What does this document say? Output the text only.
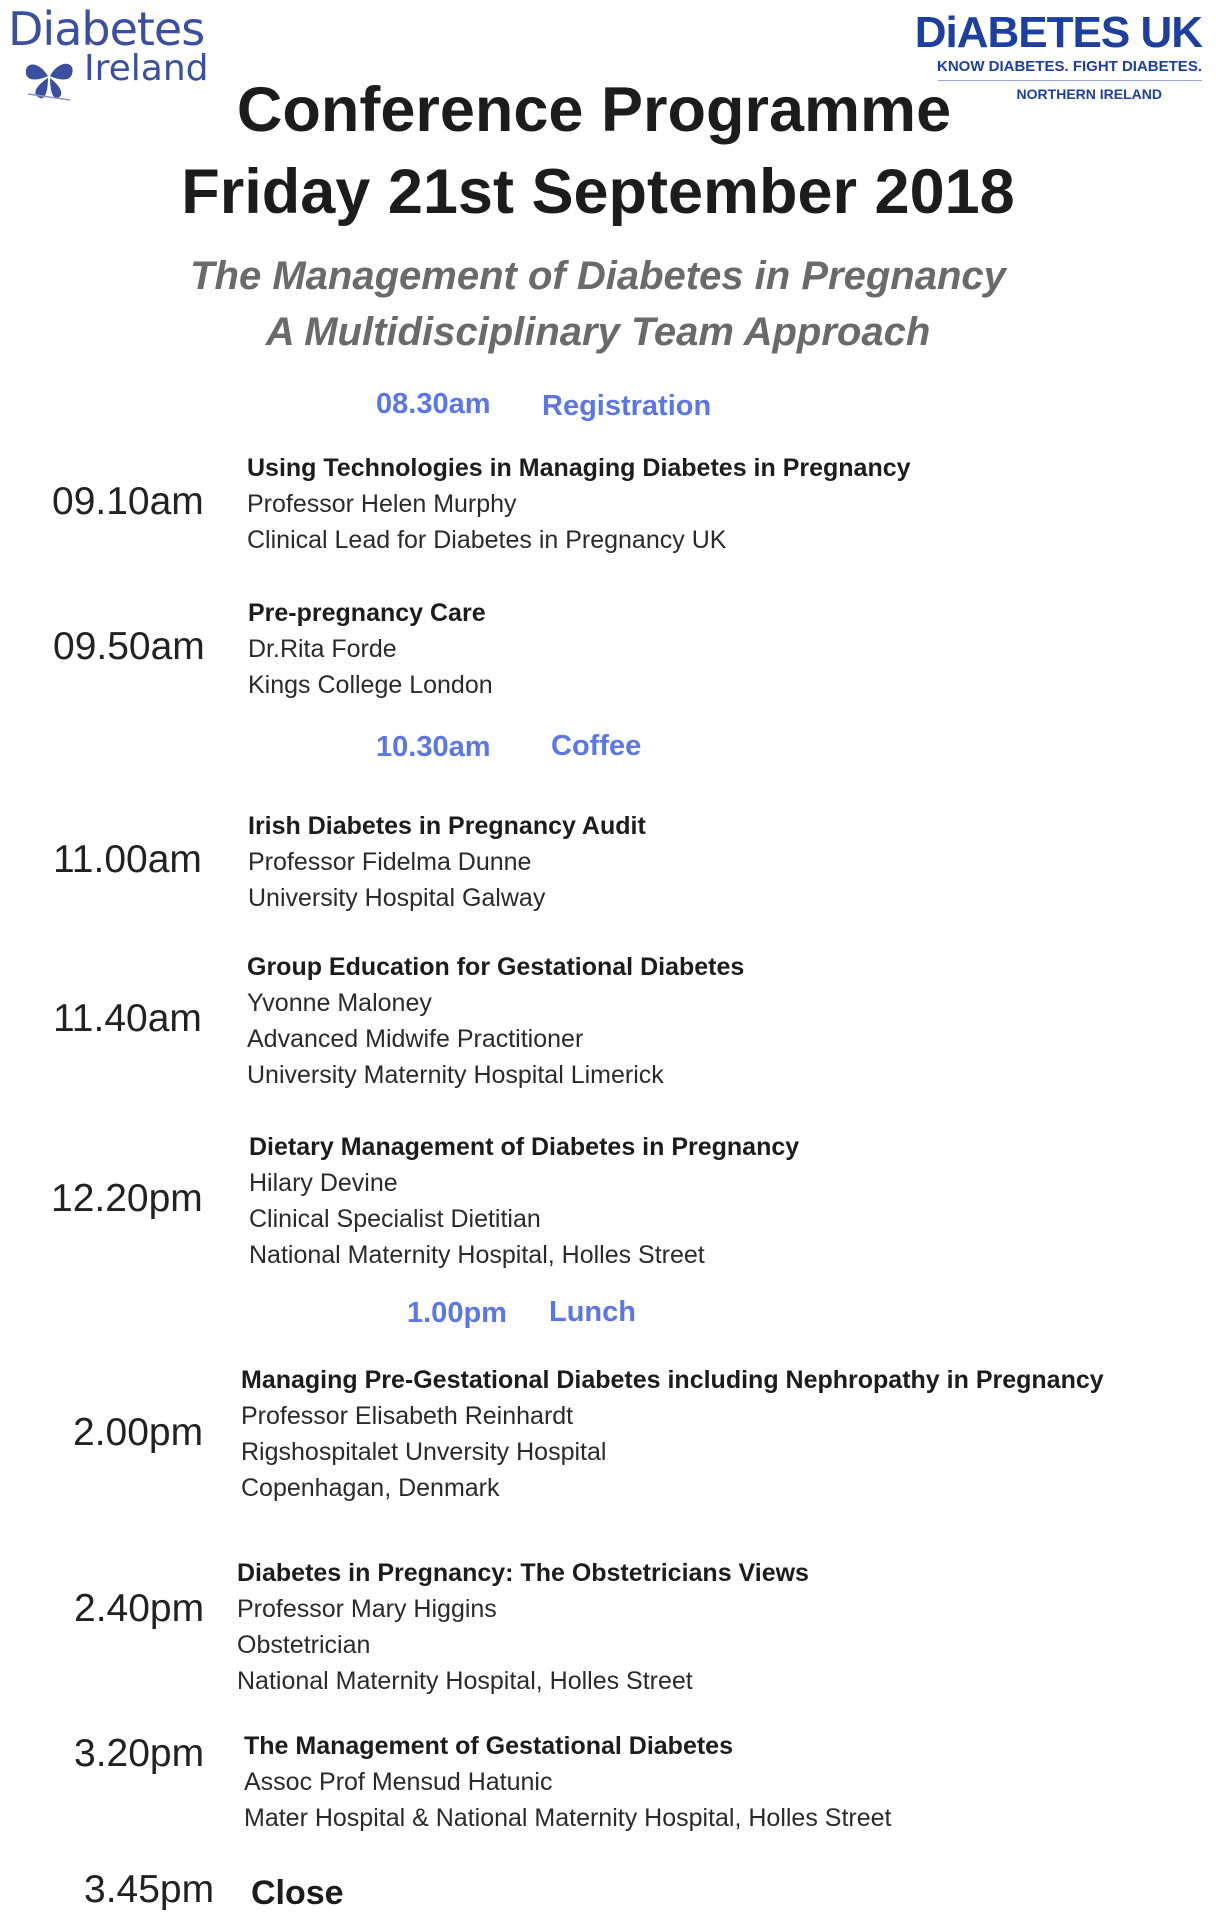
Diabetes
Ireland
DiABETES UK
KNOW DIABETES. FIGHT DIABETES.
NORTHERN IRELAND
Conference Programme
Friday 21st September 2018
The Management of Diabetes in Pregnancy
A Multidisciplinary Team Approach
08.30am Registration
10.30am Coffee
1.00pm Lunch
09.10am
Using Technologies in Managing Diabetes in Pregnancy
Professor Helen Murphy
Clinical Lead for Diabetes in Pregnancy UK
09.50am
Pre-pregnancy Care
Dr.Rita Forde
Kings College London
11.00am
Irish Diabetes in Pregnancy Audit
Professor Fidelma Dunne
University Hospital Galway
11.40am
Group Education for Gestational Diabetes
Yvonne Maloney
Advanced Midwife Practitioner
University Maternity Hospital Limerick
12.20pm
Dietary Management of Diabetes in Pregnancy
Hilary Devine
Clinical Specialist Dietitian
National Maternity Hospital, Holles Street
2.00pm
Managing Pre-Gestational Diabetes including Nephropathy in Pregnancy
Professor Elisabeth Reinhardt
Rigshospitalet Unversity Hospital
Copenhagan, Denmark
2.40pm
Diabetes in Pregnancy: The Obstetricians Views
Professor Mary Higgins
Obstetrician
National Maternity Hospital, Holles Street
3.20pm The Management of Gestational Diabetes
Assoc Prof Mensud Hatunic
Mater Hospital & National Maternity Hospital, Holles Street
3.45pm Close
